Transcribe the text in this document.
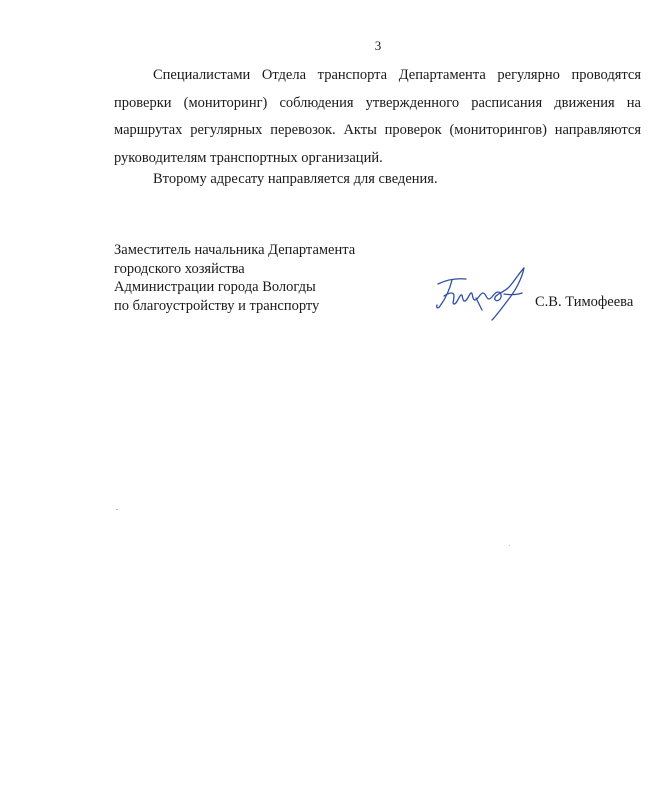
3

Специалистами Отдела транспорта Департамента регулярно проводятся проверки (мониторинг) соблюдения утвержденного расписания движения на маршрутах регулярных перевозок. Акты проверок (мониторингов) направляются руководителям транспортных организаций.

Второму адресату направляется для сведения.

Заместитель начальника Департамента
городского хозяйства
Администрации города Вологды
по благоустройству и транспорту	С.В. Тимофеева
